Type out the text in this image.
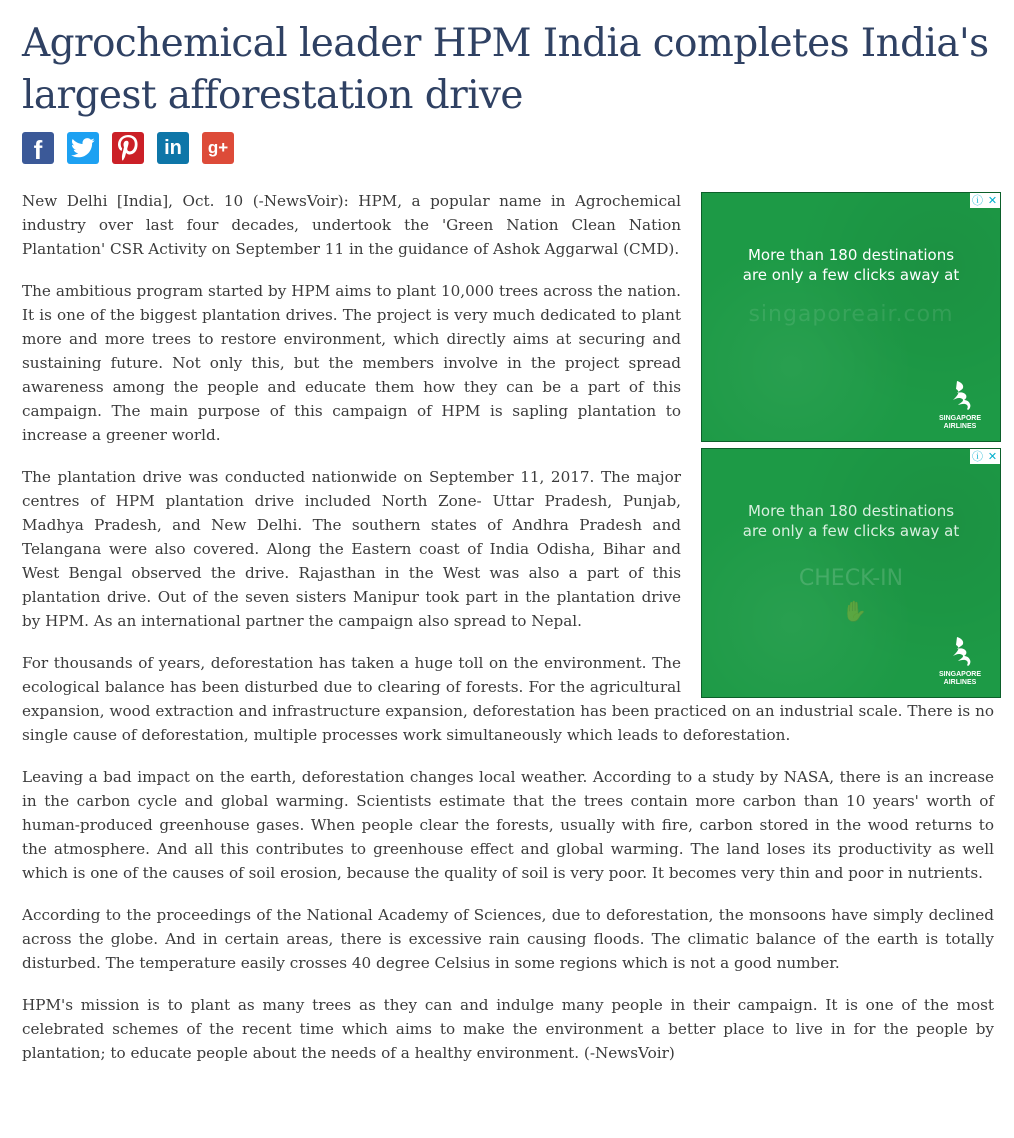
Agrochemical leader HPM India completes India's largest afforestation drive
f	in g+
ⓘ ✕
More than 180 destinations
are only a few clicks away at
singaporeair.com
SINGAPORE
AIRLINES
ⓘ ✕
More than 180 destinations
are only a few clicks away at
CHECK-IN
✋
SINGAPORE
AIRLINES

New Delhi [India], Oct. 10 (-NewsVoir): HPM, a popular name in Agrochemical industry over last four decades, undertook the 'Green Nation Clean Nation Plantation' CSR Activity on September 11 in the guidance of Ashok Aggarwal (CMD).

The ambitious program started by HPM aims to plant 10,000 trees across the nation. It is one of the biggest plantation drives. The project is very much dedicated to plant more and more trees to restore environment, which directly aims at securing and sustaining future. Not only this, but the members involve in the project spread awareness among the people and educate them how they can be a part of this campaign. The main purpose of this campaign of HPM is sapling plantation to increase a greener world.

The plantation drive was conducted nationwide on September 11, 2017. The major centres of HPM plantation drive included North Zone- Uttar Pradesh, Punjab, Madhya Pradesh, and New Delhi. The southern states of Andhra Pradesh and Telangana were also covered. Along the Eastern coast of India Odisha, Bihar and West Bengal observed the drive. Rajasthan in the West was also a part of this plantation drive. Out of the seven sisters Manipur took part in the plantation drive by HPM. As an international partner the campaign also spread to Nepal.

For thousands of years, deforestation has taken a huge toll on the environment. The ecological balance has been disturbed due to clearing of forests. For the agricultural expansion, wood extraction and infrastructure expansion, deforestation has been practiced on an industrial scale. There is no single cause of deforestation, multiple processes work simultaneously which leads to deforestation.

Leaving a bad impact on the earth, deforestation changes local weather. According to a study by NASA, there is an increase in the carbon cycle and global warming. Scientists estimate that the trees contain more carbon than 10 years' worth of human-produced greenhouse gases. When people clear the forests, usually with fire, carbon stored in the wood returns to the atmosphere. And all this contributes to greenhouse effect and global warming. The land loses its productivity as well which is one of the causes of soil erosion, because the quality of soil is very poor. It becomes very thin and poor in nutrients.

According to the proceedings of the National Academy of Sciences, due to deforestation, the monsoons have simply declined across the globe. And in certain areas, there is excessive rain causing floods. The climatic balance of the earth is totally disturbed. The temperature easily crosses 40 degree Celsius in some regions which is not a good number.

HPM's mission is to plant as many trees as they can and indulge many people in their campaign. It is one of the most celebrated schemes of the recent time which aims to make the environment a better place to live in for the people by plantation; to educate people about the needs of a healthy environment. (-NewsVoir)
